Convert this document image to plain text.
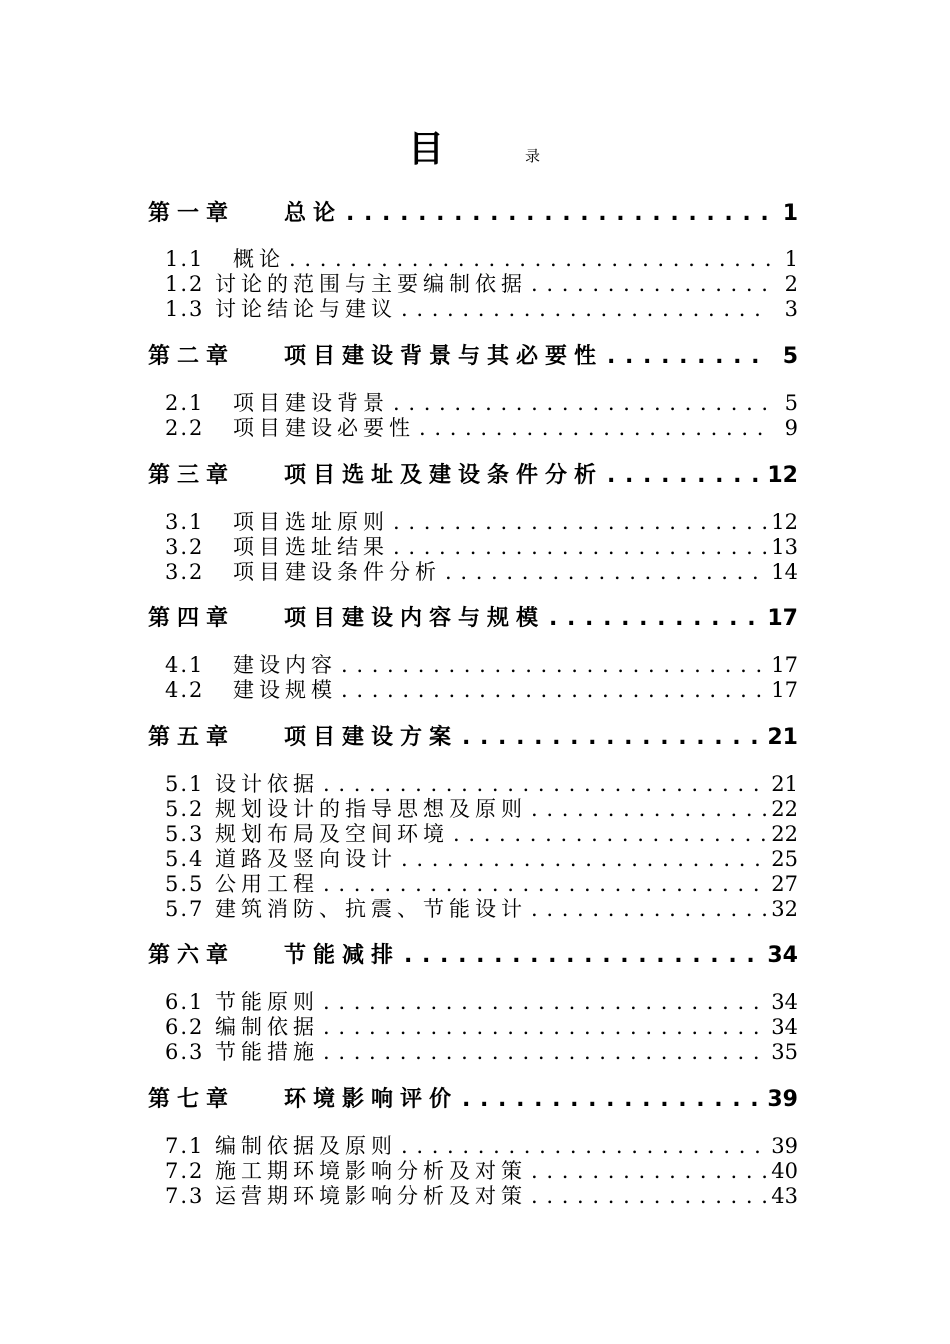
目	录
第一章	总论 . . .	1
1.1	概论 . . .	1
1.2 讨论的范围与主要编制依据 . . .	2
1.3 讨论结论与建议 . . .	3
第二章	项目建设背景与其必要性 . . .	5
2.1	项目建设背景 . . .	5
2.2	项目建设必要性 . . .	9
第三章	项目选址及建设条件分析 . . .	12
3.1	项目选址原则 . . .	12
3.2	项目选址结果 . . .	13
3.2	项目建设条件分析 . . .	14
第四章	项目建设内容与规模 . . .	17
4.1	建设内容 . . .	17
4.2	建设规模 . . .	17
第五章	项目建设方案 . . .	21
5.1 设计依据 . . .	21
5.2 规划设计的指导思想及原则 . . .	22
5.3 规划布局及空间环境 . . .	22
5.4 道路及竖向设计 . . .	25
5.5 公用工程 . . .	27
5.7 建筑消防、抗震、节能设计 . . .	32
第六章	节能减排 . . .	34
6.1 节能原则 . . .	34
6.2 编制依据 . . .	34
6.3 节能措施 . . .	35
第七章	环境影响评价 . . .	39
7.1 编制依据及原则 . . .	39
7.2 施工期环境影响分析及对策 . . .	40
7.3 运营期环境影响分析及对策 . . .	43
